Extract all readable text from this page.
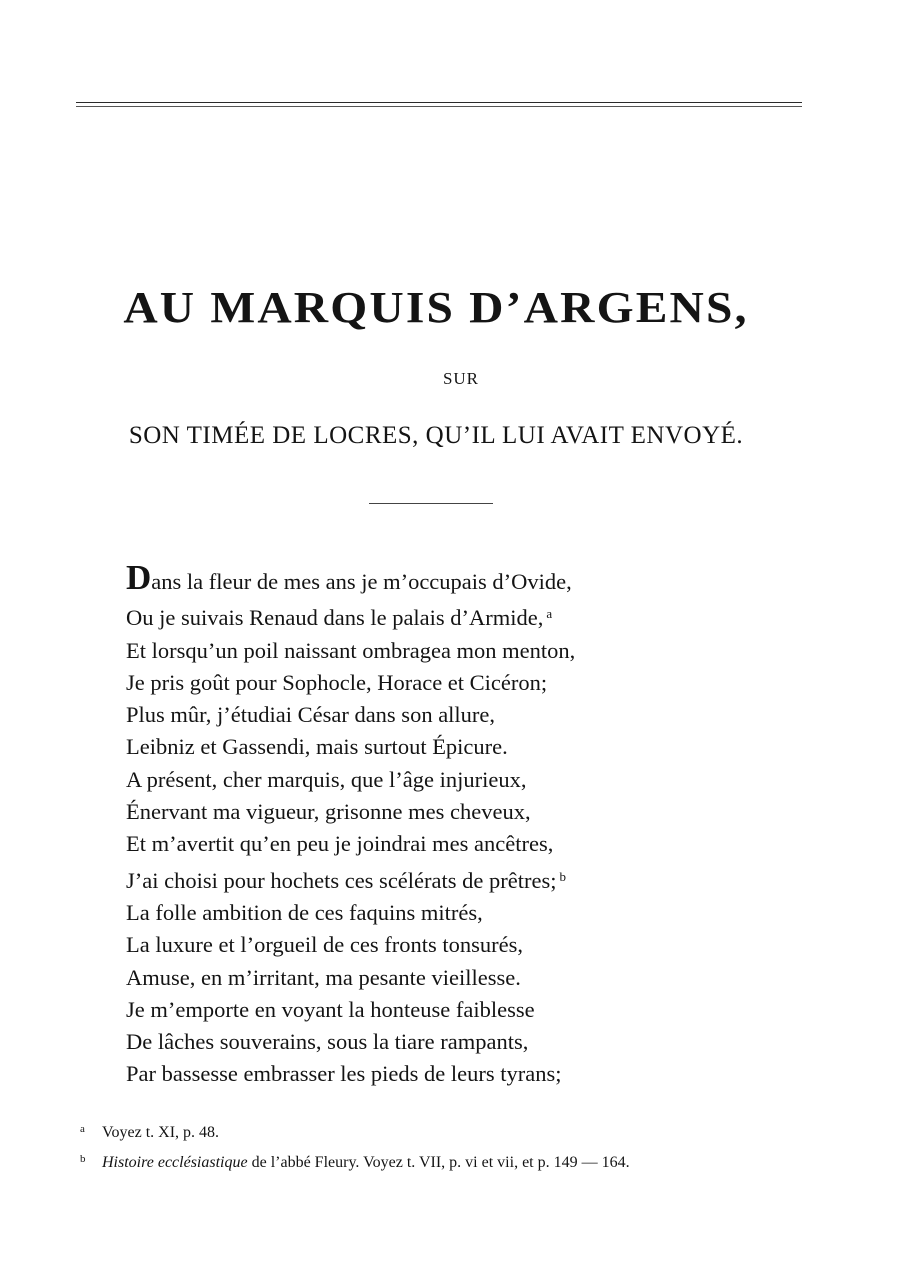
AU MARQUIS D’ARGENS,
SUR
SON TIMÉE DE LOCRES, QU’IL LUI AVAIT ENVOYÉ.
Dans la fleur de mes ans je m’occupais d’Ovide,
Ou je suivais Renaud dans le palais d’Armide, $^a$
Et lorsqu’un poil naissant ombragea mon menton,
Je pris goût pour Sophocle, Horace et Cicéron;
Plus mûr, j’étudiai César dans son allure,
Leibniz et Gassendi, mais surtout Épicure.
A présent, cher marquis, que l’âge injurieux,
Énervant ma vigueur, grisonne mes cheveux,
Et m’avertit qu’en peu je joindrai mes ancêtres,
J’ai choisi pour hochets ces scélérats de prêtres; $^b$
La folle ambition de ces faquins mitrés,
La luxure et l’orgueil de ces fronts tonsurés,
Amuse, en m’irritant, ma pesante vieillesse.
Je m’emporte en voyant la honteuse faiblesse
De lâches souverains, sous la tiare rampants,
Par bassesse embrasser les pieds de leurs tyrans;
a Voyez t. XI, p. 48.
b Histoire ecclésiastique de l’abbé Fleury. Voyez t. VII, p. vi et vii, et p. 149 — 164.
